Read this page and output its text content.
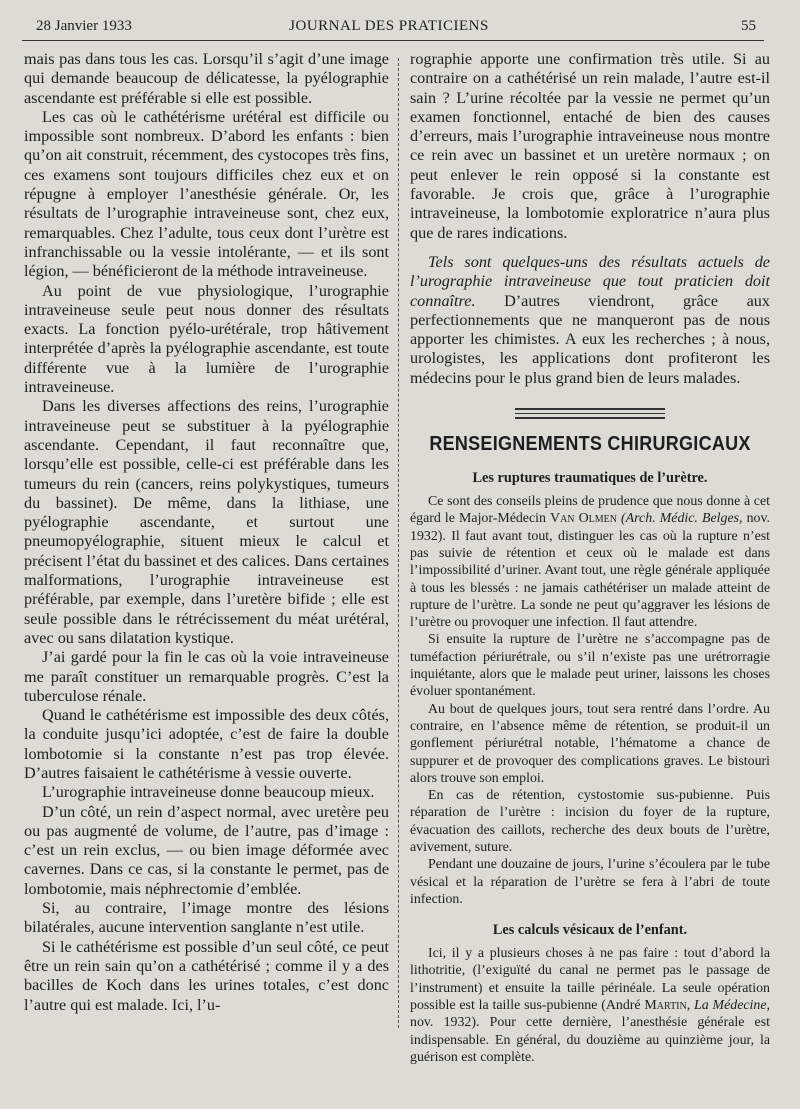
28 Janvier 1933	JOURNAL DES PRATICIENS	55

mais pas dans tous les cas. Lorsqu’il s’agit d’une image qui demande beaucoup de délicatesse, la pyélographie ascendante est préférable si elle est possible.

Les cas où le cathétérisme urétéral est difficile ou impossible sont nombreux. D’abord les enfants : bien qu’on ait construit, récemment, des cystocopes très fins, ces examens sont toujours difficiles chez eux et on répugne à employer l’anesthésie générale. Or, les résultats de l’urographie intraveineuse sont, chez eux, remarquables. Chez l’adulte, tous ceux dont l’urètre est infranchissable ou la vessie intolérante, — et ils sont légion, — bénéficieront de la méthode intraveineuse.

Au point de vue physiologique, l’urographie intraveineuse seule peut nous donner des résultats exacts. La fonction pyélo-urétérale, trop hâtivement interprétée d’après la pyélographie ascendante, est toute différente vue à la lumière de l’urographie intraveineuse.

Dans les diverses affections des reins, l’urographie intraveineuse peut se substituer à la pyélographie ascendante. Cependant, il faut reconnaître que, lorsqu’elle est possible, celle-ci est préférable dans les tumeurs du rein (cancers, reins polykystiques, tumeurs du bassinet). De même, dans la lithiase, une pyélographie ascendante, et surtout une pneumopyélographie, situent mieux le calcul et précisent l’état du bassinet et des calices. Dans certaines malformations, l’urographie intraveineuse est préférable, par exemple, dans l’uretère bifide ; elle est seule possible dans le rétrécissement du méat urétéral, avec ou sans dilatation kystique.

J’ai gardé pour la fin le cas où la voie intraveineuse me paraît constituer un remarquable progrès. C’est la tuberculose rénale.

Quand le cathétérisme est impossible des deux côtés, la conduite jusqu’ici adoptée, c’est de faire la double lombotomie si la constante n’est pas trop élevée. D’autres faisaient le cathétérisme à vessie ouverte.

L’urographie intraveineuse donne beaucoup mieux.

D’un côté, un rein d’aspect normal, avec uretère peu ou pas augmenté de volume, de l’autre, pas d’image : c’est un rein exclus, — ou bien image déformée avec cavernes. Dans ce cas, si la constante le permet, pas de lombotomie, mais néphrectomie d’emblée.

Si, au contraire, l’image montre des lésions bilatérales, aucune intervention sanglante n’est utile.

Si le cathétérisme est possible d’un seul côté, ce peut être un rein sain qu’on a cathétérisé ; comme il y a des bacilles de Koch dans les urines totales, c’est donc l’autre qui est malade. Ici, l’u-

rographie apporte une confirmation très utile. Si au contraire on a cathétérisé un rein malade, l’autre est-il sain ? L’urine récoltée par la vessie ne permet qu’un examen fonctionnel, entaché de bien des causes d’erreurs, mais l’urographie intraveineuse nous montre ce rein avec un bassinet et un uretère normaux ; on peut enlever le rein opposé si la constante est favorable. Je crois que, grâce à l’urographie intraveineuse, la lombotomie exploratrice n’aura plus que de rares indications.

Tels sont quelques-uns des résultats actuels de l’urographie intraveineuse que tout praticien doit connaître. D’autres viendront, grâce aux perfectionnements que ne manqueront pas de nous apporter les chimistes. A eux les recherches ; à nous, urologistes, les applications dont profiteront les médecins pour le plus grand bien de leurs malades.

RENSEIGNEMENTS CHIRURGICAUX
Les ruptures traumatiques de l’urètre.

Ce sont des conseils pleins de prudence que nous donne à cet égard le Major-Médecin Van Olmen (Arch. Médic. Belges, nov. 1932). Il faut avant tout, distinguer les cas où la rupture n’est pas suivie de rétention et ceux où le malade est dans l’impossibilité d’uriner. Avant tout, une règle générale appliquée à tous les blessés : ne jamais cathétériser un malade atteint de rupture de l’urètre. La sonde ne peut qu’aggraver les lésions de l’urètre ou provoquer une infection. Il faut attendre.

Si ensuite la rupture de l’urètre ne s’accompagne pas de tuméfaction périurétrale, ou s’il n’existe pas une urétrorragie inquiétante, alors que le malade peut uriner, laissons les choses évoluer spontanément.

Au bout de quelques jours, tout sera rentré dans l’ordre. Au contraire, en l’absence même de rétention, se produit-il un gonflement périurétral notable, l’hématome a chance de suppurer et de provoquer des complications graves. Le bistouri alors trouve son emploi.

En cas de rétention, cystostomie sus-pubienne. Puis réparation de l’urètre : incision du foyer de la rupture, évacuation des caillots, recherche des deux bouts de l’urètre, avivement, suture.

Pendant une douzaine de jours, l’urine s’écoulera par le tube vésical et la réparation de l’urètre se fera à l’abri de toute infection.

Les calculs vésicaux de l’enfant.

Ici, il y a plusieurs choses à ne pas faire : tout d’abord la lithotritie, (l’exiguïté du canal ne permet pas le passage de l’instrument) et ensuite la taille périnéale. La seule opération possible est la taille sus-pubienne (André Martin, La Médecine, nov. 1932). Pour cette dernière, l’anesthésie générale est indispensable. En général, du douzième au quinzième jour, la guérison est complète.
